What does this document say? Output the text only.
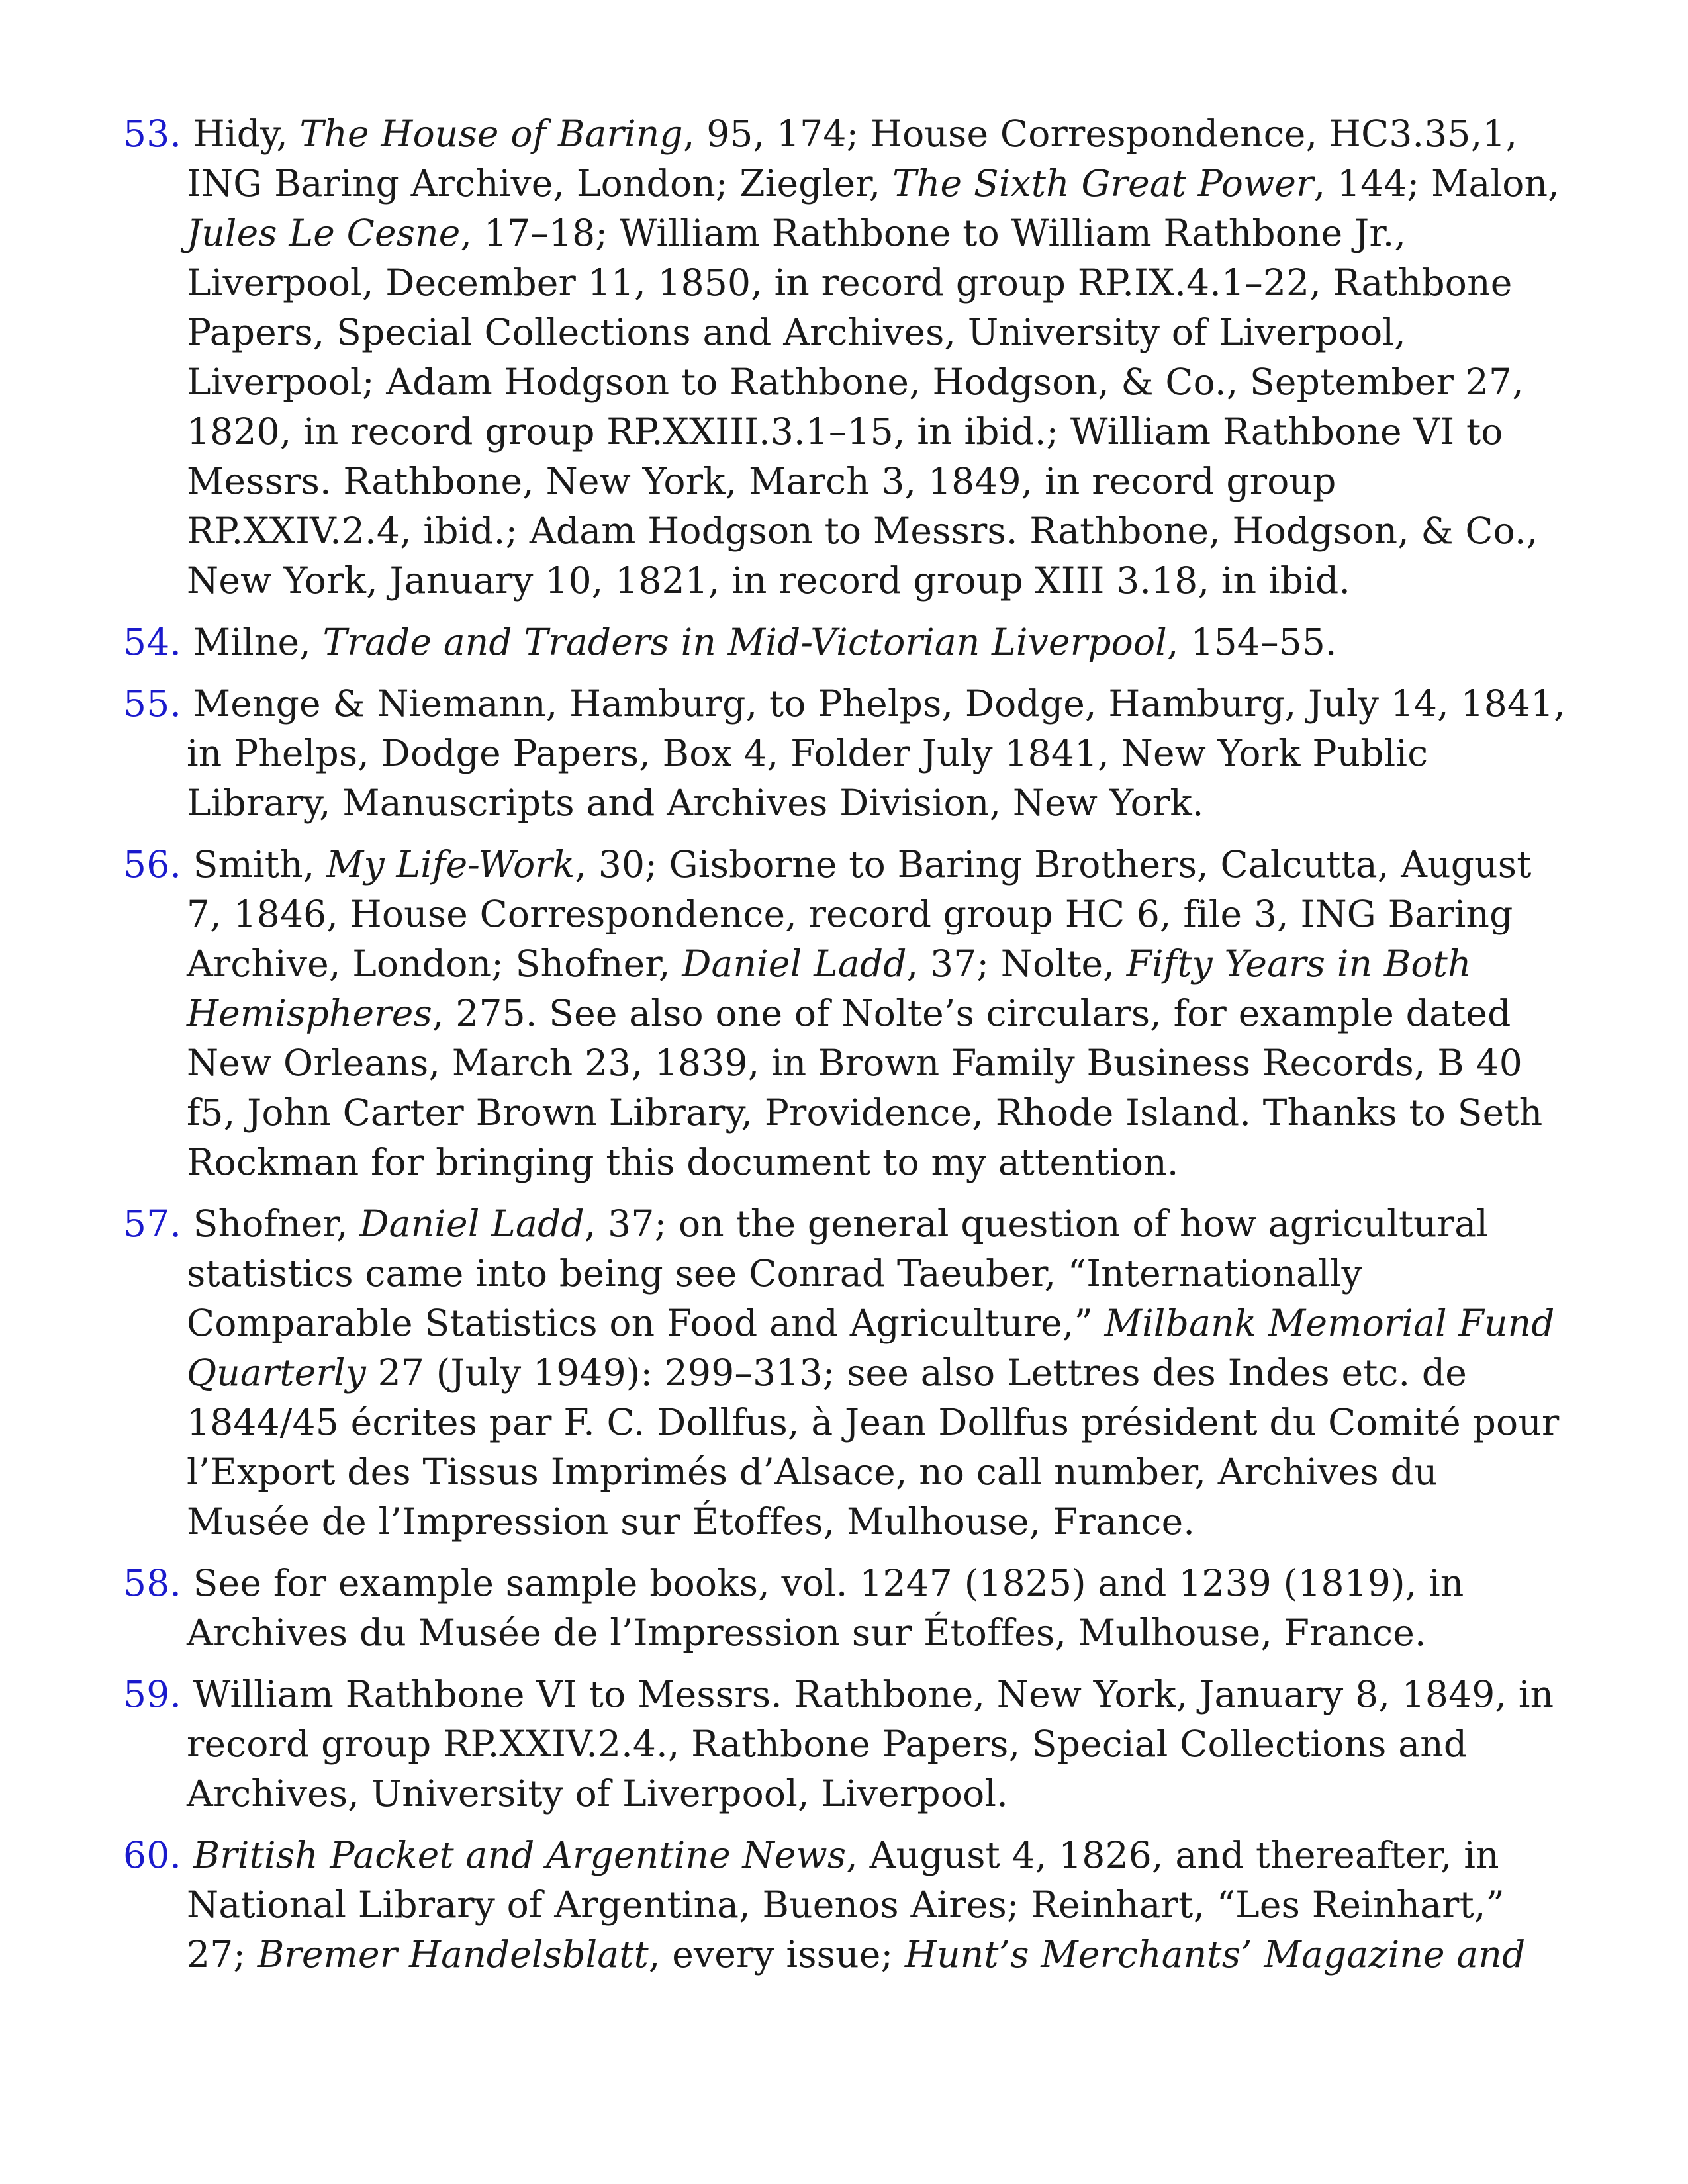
53. Hidy, The House of Baring, 95, 174; House Correspondence, HC3.35,1, ING Baring Archive, London; Ziegler, The Sixth Great Power, 144; Malon, Jules Le Cesne, 17–18; William Rathbone to William Rathbone Jr., Liverpool, December 11, 1850, in record group RP.IX.4.1–22, Rathbone Papers, Special Collections and Archives, University of Liverpool, Liverpool; Adam Hodgson to Rathbone, Hodgson, & Co., September 27, 1820, in record group RP.XXIII.3.1–15, in ibid.; William Rathbone VI to Messrs. Rathbone, New York, March 3, 1849, in record group RP.XXIV.2.4, ibid.; Adam Hodgson to Messrs. Rathbone, Hodgson, & Co., New York, January 10, 1821, in record group XIII 3.18, in ibid.

54. Milne, Trade and Traders in Mid-Victorian Liverpool, 154–55.

55. Menge & Niemann, Hamburg, to Phelps, Dodge, Hamburg, July 14, 1841, in Phelps, Dodge Papers, Box 4, Folder July 1841, New York Public Library, Manuscripts and Archives Division, New York.

56. Smith, My Life-Work, 30; Gisborne to Baring Brothers, Calcutta, August 7, 1846, House Correspondence, record group HC 6, file 3, ING Baring Archive, London; Shofner, Daniel Ladd, 37; Nolte, Fifty Years in Both Hemispheres, 275. See also one of Nolte’s circulars, for example dated New Orleans, March 23, 1839, in Brown Family Business Records, B 40 f5, John Carter Brown Library, Providence, Rhode Island. Thanks to Seth Rockman for bringing this document to my attention.

57. Shofner, Daniel Ladd, 37; on the general question of how agricultural statistics came into being see Conrad Taeuber, “Internationally Comparable Statistics on Food and Agriculture,” Milbank Memorial Fund Quarterly 27 (July 1949): 299–313; see also Lettres des Indes etc. de 1844/45 écrites par F. C. Dollfus, à Jean Dollfus président du Comité pour l’Export des Tissus Imprimés d’Alsace, no call number, Archives du Musée de l’Impression sur Étoffes, Mulhouse, France.

58. See for example sample books, vol. 1247 (1825) and 1239 (1819), in Archives du Musée de l’Impression sur Étoffes, Mulhouse, France.

59. William Rathbone VI to Messrs. Rathbone, New York, January 8, 1849, in record group RP.XXIV.2.4., Rathbone Papers, Special Collections and Archives, University of Liverpool, Liverpool.

60. British Packet and Argentine News, August 4, 1826, and thereafter, in National Library of Argentina, Buenos Aires; Reinhart, “Les Reinhart,” 27; Bremer Handelsblatt, every issue; Hunt’s Merchants’ Magazine and
